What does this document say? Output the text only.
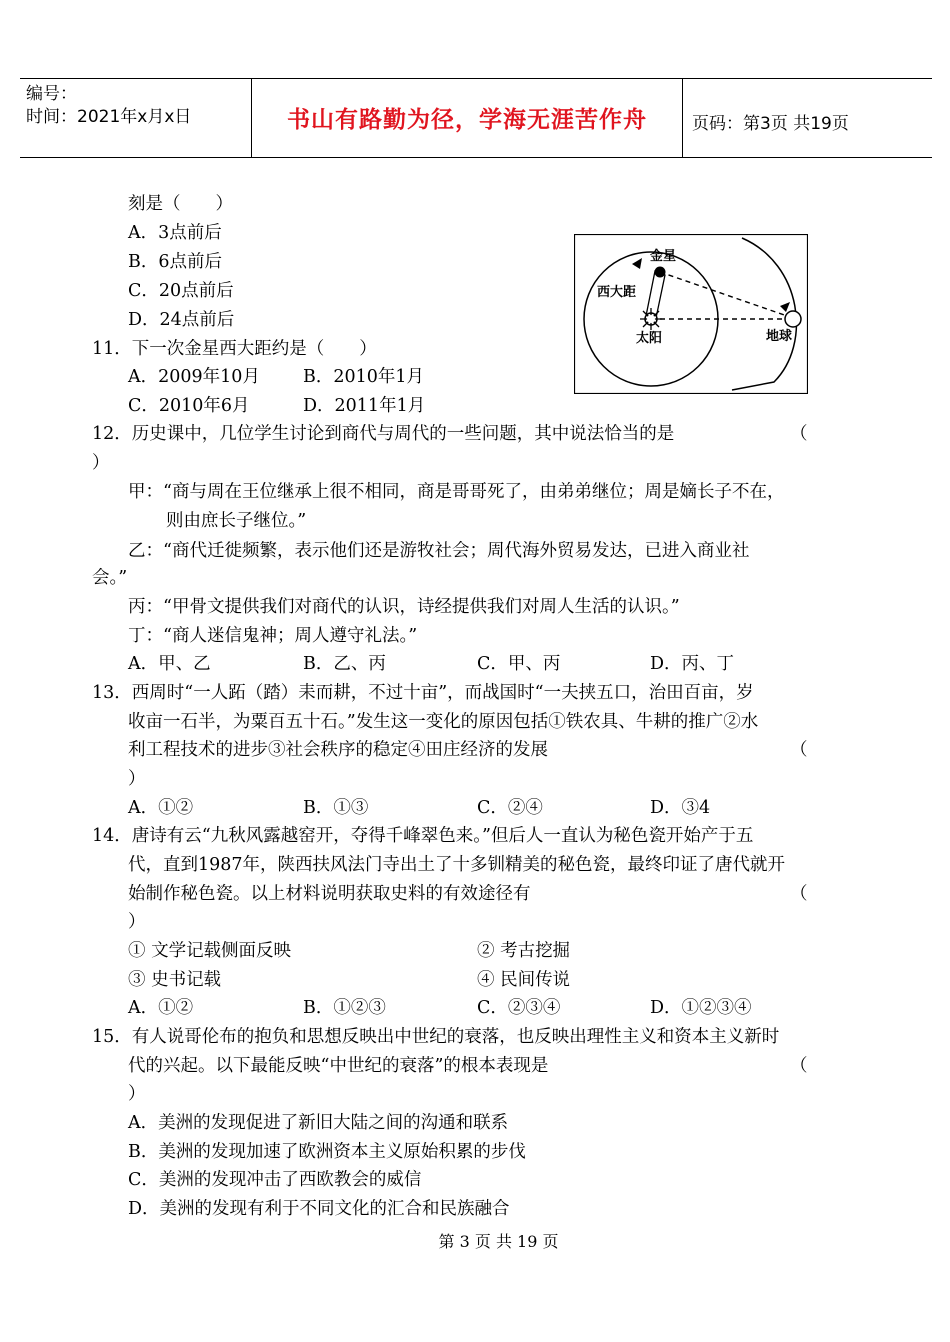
编号：
时间：2021年x月x日	书山有路勤为径，学海无涯苦作舟	页码：第3页 共19页
刻是（　　）
A．3点前后
B．6点前后
C．20点前后
D．24点前后
金星
西大距
太阳	地球
11．下一次金星西大距约是（　　）
A．2009年10月 B．2010年1月
C．2010年6月	D．2011年1月
12．历史课中，几位学生讨论到商代与周代的一些问题，其中说法恰当的是	（
）
甲：“商与周在王位继承上很不相同，商是哥哥死了，由弟弟继位；周是嫡长子不在，
则由庶长子继位。”
乙：“商代迁徙频繁，表示他们还是游牧社会；周代海外贸易发达，已进入商业社
会。”
丙：“甲骨文提供我们对商代的认识，诗经提供我们对周人生活的认识。”
丁：“商人迷信鬼神；周人遵守礼法。”
A．甲、乙	B．乙、丙	C．甲、丙	D．丙、丁
13．西周时“一人跖（踏）耒而耕，不过十亩”，而战国时“一夫挟五口，治田百亩，岁
收亩一石半，为粟百五十石。”发生这一变化的原因包括①铁农具、牛耕的推广②水
利工程技术的进步③社会秩序的稳定④田庄经济的发展	（
）
A．①②	B．①③	C．②④	D．③4
14．唐诗有云“九秋风露越窑开，夺得千峰翠色来。”但后人一直认为秘色瓷开始产于五
代，直到1987年，陕西扶风法门寺出土了十多钏精美的秘色瓷，最终印证了唐代就开
始制作秘色瓷。以上材料说明获取史料的有效途径有	（
）
① 文学记载侧面反映	② 考古挖掘
③ 史书记载	④ 民间传说
A．①②	B．①②③	C．②③④	D．①②③④
15．有人说哥伦布的抱负和思想反映出中世纪的衰落，也反映出理性主义和资本主义新时
代的兴起。以下最能反映“中世纪的衰落”的根本表现是	（
）
A．美洲的发现促进了新旧大陆之间的沟通和联系
B．美洲的发现加速了欧洲资本主义原始积累的步伐
C．美洲的发现冲击了西欧教会的威信
D．美洲的发现有利于不同文化的汇合和民族融合
第 3 页 共 19 页
